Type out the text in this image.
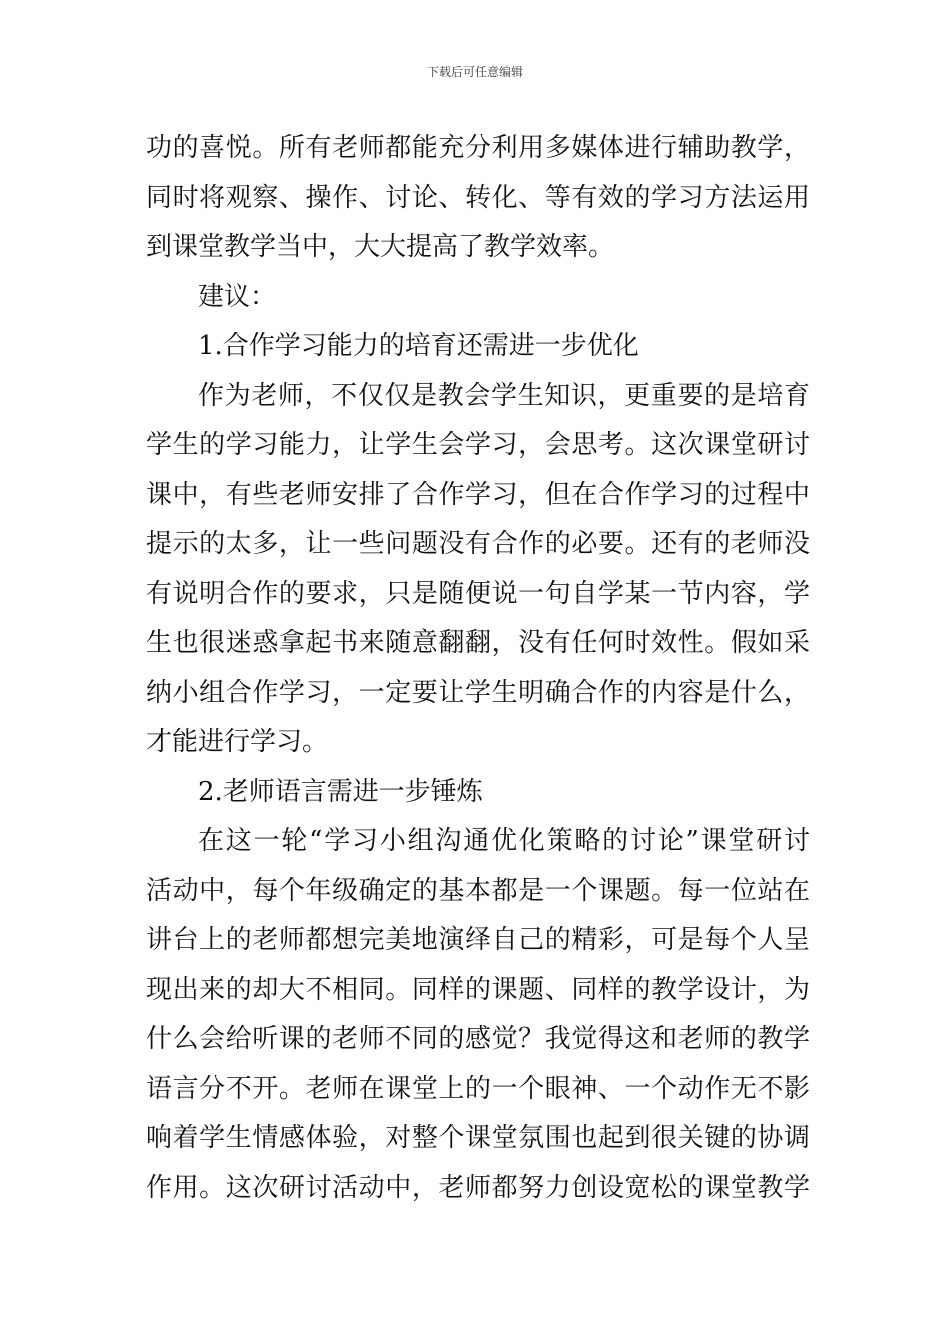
下载后可任意编辑
功的喜悦。所有老师都能充分利用多媒体进行辅助教学，
同时将观察、操作、讨论、转化、等有效的学习方法运用
到课堂教学当中，大大提高了教学效率。
建议：
1.合作学习能力的培育还需进一步优化
作为老师，不仅仅是教会学生知识，更重要的是培育
学生的学习能力，让学生会学习，会思考。这次课堂研讨
课中，有些老师安排了合作学习，但在合作学习的过程中
提示的太多，让一些问题没有合作的必要。还有的老师没
有说明合作的要求，只是随便说一句自学某一节内容，学
生也很迷惑拿起书来随意翻翻，没有任何时效性。假如采
纳小组合作学习，一定要让学生明确合作的内容是什么，
才能进行学习。
2.老师语言需进一步锤炼
在这一轮“学习小组沟通优化策略的讨论”课堂研讨
活动中，每个年级确定的基本都是一个课题。每一位站在
讲台上的老师都想完美地演绎自己的精彩，可是每个人呈
现出来的却大不相同。同样的课题、同样的教学设计，为
什么会给听课的老师不同的感觉？我觉得这和老师的教学
语言分不开。老师在课堂上的一个眼神、一个动作无不影
响着学生情感体验，对整个课堂氛围也起到很关键的协调
作用。这次研讨活动中，老师都努力创设宽松的课堂教学
